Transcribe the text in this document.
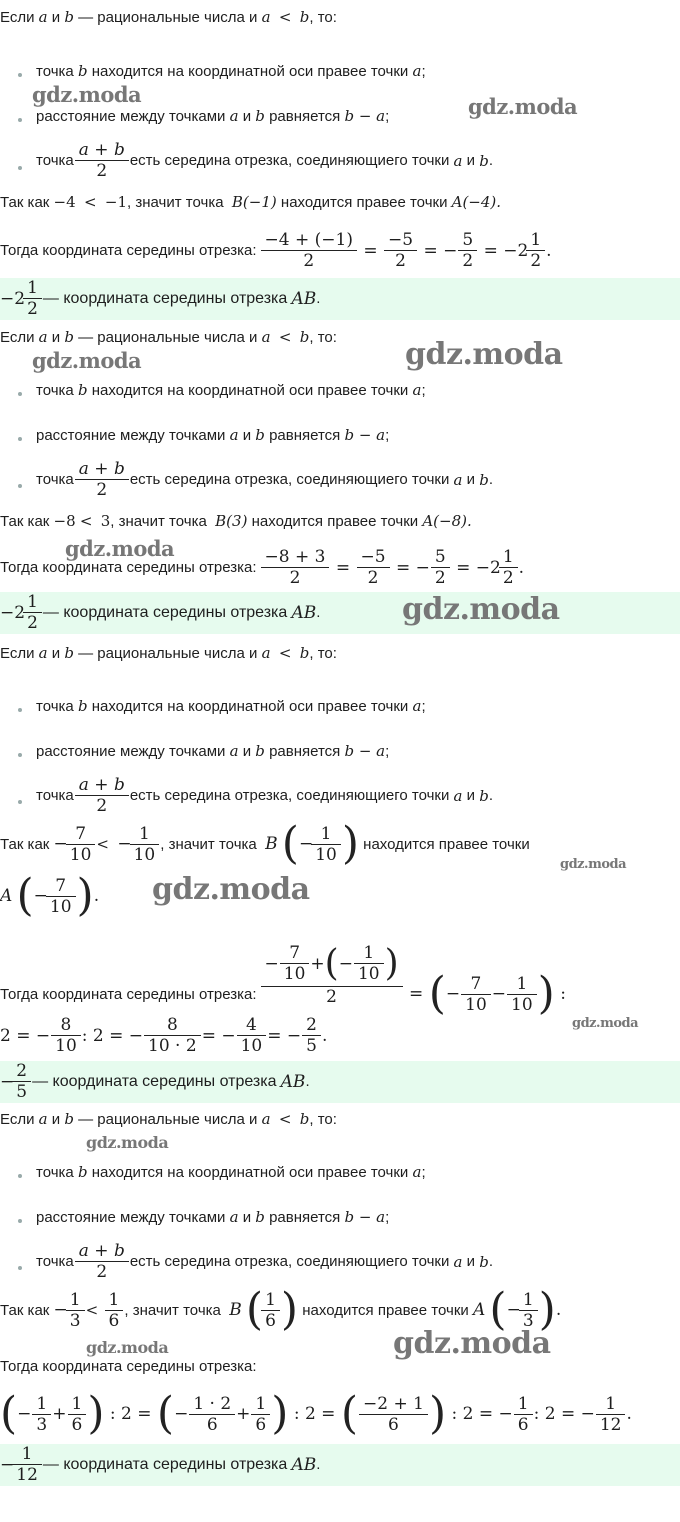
Если
a
и
b
— рациональные числа и
a
<
b , то:
точка
b
находится на координатной оси правее точки
a ;
gdz.moda
расстояние между точками
a
и
b
равняется
b − a ;	gdz.moda
точка $\frac{a + b}{2}$ есть середина отрезка, соединяющиего точки
a
и
b .
Так как
−4
<
−1 , значит точка
B(−1)
находится правее точки
A(−4).
Тогда координата середины отрезка: $\frac{-4 + (-1)}{2} = \frac{-5}{2}$ = − $\frac{5}{2} = -2 \frac{1}{2}$ .
$-2 \frac{1}{2}$ — координата середины отрезка
AB .
Если
a
и
b
— рациональные числа и
a
<
b , то:
gdz.moda	gdz.moda
точка
b
находится на координатной оси правее точки
a ;
расстояние между точками
a
и
b
равняется
b − a ;
точка $\frac{a + b}{2}$ есть середина отрезка, соединяющиего точки
a
и
b .
Так как
−8
<
3 , значит точка
B(3)
находится правее точки
A(−8).
gdz.moda
Тогда координата середины отрезка: $\frac{-8 + 3}{2} = \frac{-5}{2}$ = − $\frac{5}{2} = -2 \frac{1}{2}$ .
$-2 \frac{1}{2}$ — координата середины отрезка
AB .	gdz.moda
Если
a
и
b
— рациональные числа и
a
<
b , то:
точка
b
находится на координатной оси правее точки
a ;
расстояние между точками
a
и
b
равняется
b − a ;
точка $\frac{a + b}{2}$ есть середина отрезка, соединяющиего точки
a
и
b .
Так как
− $\frac{7}{10}$ <
− $\frac{1}{10}$ , значит точка
B
( − $\frac{1}{10}$ )
находится правее точки
gdz.moda
A
( − $\frac{7}{10}$ ) . gdz.moda
Тогда координата середины отрезка: $\frac{- \frac{7}{10} + ( - \frac{1}{10} )}{2}$ = ( − $\frac{7}{10} - \frac{1}{10}$ ) :
gdz.moda
2 = − $\frac{8}{10}$ : 2 = − $\frac{8}{10 \cdot 2}$ = − $\frac{4}{10}$ = − $\frac{2}{5}$ .
− $\frac{2}{5}$ — координата середины отрезка
AB .
Если
a
и
b
— рациональные числа и
a
<
b , то:
gdz.moda
точка
b
находится на координатной оси правее точки
a ;
расстояние между точками
a
и
b
равняется
b − a ;
точка $\frac{a + b}{2}$ есть середина отрезка, соединяющиего точки
a
и
b .
Так как
− $\frac{1}{3}$ <
$\frac{1}{6}$ , значит точка
B
( $\frac{1}{6}$ )
находится правее точки
A
( − $\frac{1}{3}$ ) .
gdz.moda	gdz.moda
Тогда координата середины отрезка:
( − $\frac{1}{3} + \frac{1}{6}$ ) : 2 = ( − $\frac{1 \cdot 2}{6} + \frac{1}{6}$ ) : 2 = ( $\frac{-2 + 1}{6}$ ) : 2 = − $\frac{1}{6}$ : 2 = − $\frac{1}{12}$ .
− $\frac{1}{12}$ — координата середины отрезка
AB .
